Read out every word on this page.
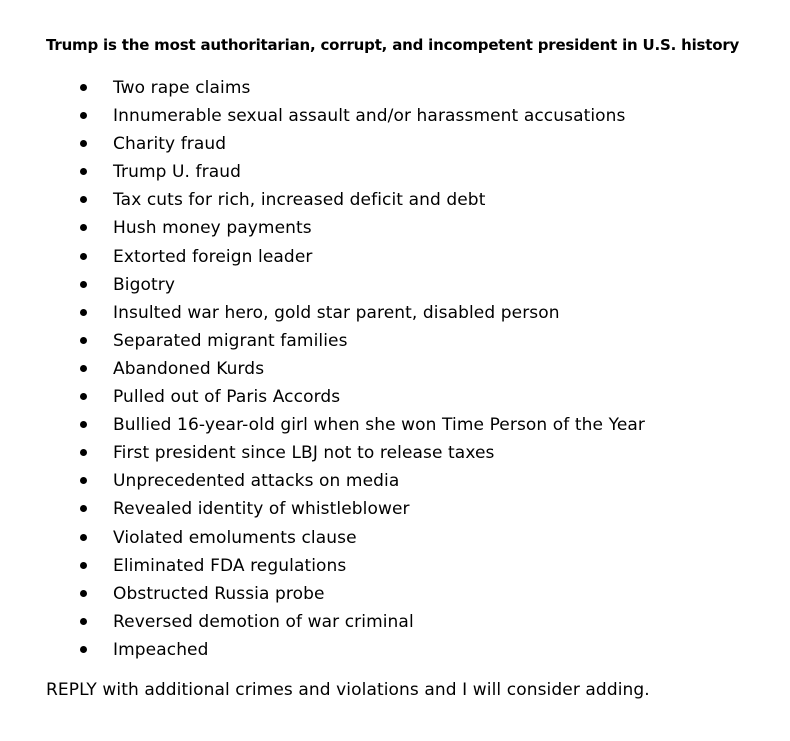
Trump is the most authoritarian, corrupt, and incompetent president in U.S. history
Two rape claims
Innumerable sexual assault and/or harassment accusations
Charity fraud
Trump U. fraud
Tax cuts for rich, increased deficit and debt
Hush money payments
Extorted foreign leader
Bigotry
Insulted war hero, gold star parent, disabled person
Separated migrant families
Abandoned Kurds
Pulled out of Paris Accords
Bullied 16-year-old girl when she won Time Person of the Year
First president since LBJ not to release taxes
Unprecedented attacks on media
Revealed identity of whistleblower
Violated emoluments clause
Eliminated FDA regulations
Obstructed Russia probe
Reversed demotion of war criminal
Impeached
REPLY with additional crimes and violations and I will consider adding.
